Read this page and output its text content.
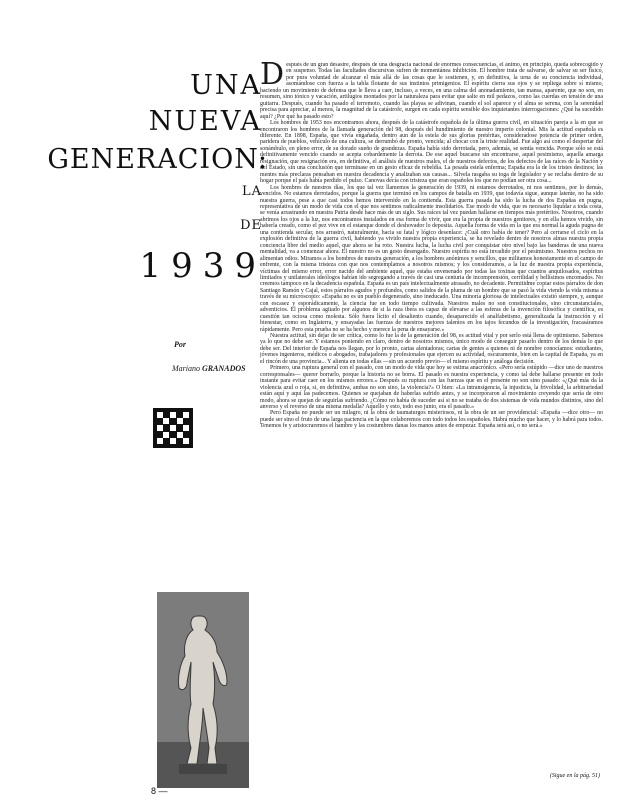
UNA
NUEVA
GENERACION:
LA
DE
1939
Por
Mariano GRANADOS
8 —

Después de un gran desastre, después de una desgracia nacional de enormes consecuencias, el ánimo, en principio, queda sobrecogido y en suspenso. Todas las facultades discursivas sufren de momentánea inhibición. El hombre trata de salvarse, de salvar su ser físico, por pura voluntad de alcanzar el más allá de las cosas que le sostienen, y, en definitiva, la urna de su conciencia individual, asomándose con fuerza a la tabla flotante de sus instintos primigenios. El espíritu cierra sus ojos y se repliega sobre sí mismo, haciendo un movimiento de defensa que le lleva a caer, incluso, a veces, en una calma del anonadamiento, tan mansa, aparente, que no son, en resumen, sino tónico y vacación, artilugios montados por la naturaleza para evitar que salte en mil pedazos, como las cuerdas en tensión de una guitarra. Después, cuando ha pasado el terremoto, cuando las playas se adivinan, cuando el sol aparece y el alma se serena, con la serenidad precisa para apreciar, al menos, la magnitud de la catástrofe, surgen en cada espíritu sensible dos inquietantes interrogaciones: ¿Qué ha sucedido aquí? ¿Por qué ha pasado esto?

Los hombres de 1953 nos encontramos ahora, después de la catástrofe española de la última guerra civil, en situación pareja a la en que se encontraron los hombres de la llamada generación del 98, después del hundimiento de nuestro imperio colonial. Mis la actitud española es diferente. En 1898, España, que vivía engañada, dentro aun de la estela de sus glorias pretéritas, consideradose potencia de primer orden, paridera de pueblos, vehículo de una cultura, se derrumbó de pronto, vencida; al chocar con la triste realidad. Fue algo así como el despertar del sonámbulo, en pleno error, de su dorado sueño de grandezas. España había sido derrotada, pero, además, se sentía vencida. Porque sólo se está definitivamente vencido cuando se acepta cobardemente la derrota. De ese aquel buscarse sin encontrarse, aquel pesimismo, aquella amarga resignación, que resignación era, en definitiva, el análisis de nuestros males, el de nuestros defectos, de los defectos de las raíces de la Nación y del Estado, sin una conclusión que terminase en un gesto eficaz de rebeldía. La pesada estela enferma; España era la de los tristes destinos; las mentes más preclaras pensaban en nuestra decadencia y analizaban sus causas... Silvela rasgaba su toga de legislador y se reclaba dentro de su hogar porque el país había perdido el pulso. Canovas decía con tristeza que eran españoles los que no podían ser otra cosa...

Los hombres de nuestros días, los que tal vez llamemos la generación de 1939, ni estamos derrotados, ni nos sentimos, por lo demás, vencidos. No estamos derrotados, porque la guerra que terminó en los campos de batalla en 1939, que todavía sigue, aunque latente, no ha sido nuestra guerra, pese a que casi todos hemos intervenido en la contienda. Esta guerra pasada ha sido la lucha de dos Españas en pugna, representativa de un modo de vida con el que nos sentimos radicalmente insolidarios. Ese modo de vida, que es necesario liquidar a toda costa, se venía arrastrando en nuestra Patria desde hace más de un siglo. Sus raíces tal vez puedan hallarse en tiempos más pretéritos. Nosotros, cuando abrimos los ojos a la luz, nos encontramos instalados en esa forma de vivir, que era la propia de nuestros genitores, y en ella hemos vivido, sin haberla creado, como el pez vive en el estanque donde el deshovador lo deposita. Aquella forma de vida en la que era normal la aguda pugna de una contienda secular, nos arrastró, naturalmente, hacia su fatal y lógico desenlace: ¿Cuál otro había de tener? Pero al cerrarse el ciclo en la explosión definitiva de la guerra civil, habiendo ya vivido nuestra propia experiencia, se ha revelado dentro de nosotros almas nuestra propia conciencia libre del medio aquel, que ahora se ha roto. Nuestra lucha, la lucha civil por conquistar otro nivel bajo las banderas de una nueva mentalidad, va a comenzar ahora. El nuestro no es un gesto desengaño. Nuestro espíritu no está invadido por el pesimismo. Nuestros pechos no alimentan odios. Miramos a los hombres de nuestra generación, a los hombres anónimos y sencillos, que militamos honestamente en el campo de enfrente, con la misma tristeza con que nos contemplamos a nosotros mismos; y los consideramos, a la luz de nuestra propia experiencia, víctimas del mismo error, error nacido del ambiente aquel, que estaba envenenado por todas las toxinas que cuantos anquilosados, espíritus limitados y unilaterales ideólogos habían ido segregando a través de casi una centuria de incomprensión, cerrilidad y bellísimos encomados. No creemos tampoco en la decadencia española. España es un país intelectualmente atrasado, no decadente. Permitidme copiar estos párrafos de don Santiago Ramón y Cajal, estos párrafos agudos y profundos, como salidos de la pluma de un hombre que se pasó la vida viendo la vida misma a través de su microscopio: «España no es un pueblo degenerado, sino ineducado. Una minoría gloriosa de intelectuales existió siempre, y, aunque con escasez y esporádicamente, la ciencia fue en todo tiempo cultivada. Nuestros males no son constitucionales, sino circunstanciales, adventicios. El problema agitado por algunos de si la raza ibera es capaz de elevarse a las esferas de la invención filosófica y científica, es cuestión tan ociosa como molesta. Sólo fuera lícito el desaliento cuando, desaparecido el analfabetismo, generalizada la instrucción y el bienestar, como en Inglaterra, y ensayadas las fuerzas de nuestros mejores talentos en los tajos fecundos de la investigación, fracasáramos rápidamente. Pero esta prueba no se ha hecho y merece la pena de ensayarse.»

Nuestra actitud, sin dejar de ser crítica, como lo fue la de la generación del 98, es actitud vital y por serlo está llena de optimismo. Sabemos ya lo que no debe ser. Y estamos poniendo en claro, dentro de nosotros mismos, único modo de conseguir pasarlo dentro de los demás lo que debe ser. Del interior de España nos llegan, por lo pronto, cartas alentadoras; cartas de gentes a quienes ni de nombre conocíamos: estudiantes, jóvenes ingenieros, médicos o abogados, trabajadores y profesionales que ejercen su actividad, oscuramente, bien en la capital de España, ya en el rincón de una provincia... Y alienta en todas ellas —sin un acuerdo previo— el mismo espíritu y análoga decisión.

Primero, una ruptura general con el pasado, con un modo de vida que hoy se estima anacrónico. «Pero sería estúpido —dice uno de nuestros corresponsales— querer borrarlo, porque la historia no se borra. El pasado es nuestra experiencia, y como tal debe hallarse presente en todo instante para evitar caer en los mismos errores.» Después su ruptura con las fuerzas que en el presente no son sino pasado: «¿Qué más da la violencia azul o roja, si, en definitiva, ambas no son sino, la violencia?» O bien: «La intransigencia, la injusticia, la frivolidad, la arbitrariedad están aquí y aquí las padecemos. Quienes se quejaban de haberlas sufrido antes, y se incorporaron al movimiento creyendo que sería de otro modo, ahora se quejan de seguirlas sufriendo. ¿Cómo no había de suceder así si no se trataba de dos sistemas de vida mundos distintos, sino del anverso y el reverso de una misma medalla? Aquello y esto, todo eso junto, era el pasado.»

Pero España no puede ser un milagro, ni la obra de taumaturgos misteriosos, ni la obra de un ser providencial: «España —dice otro— no puede ser sino el fruto de una larga paciencia en la que colaboremos con todo todos los españoles. Habrá mucho que hacer, y lo habrá para todos. Tenemos fe y aristocraremos el hambre y las costumbres danas los manos antes de empezar. España será así, o no será.»

(Sigue en la pág. 51)
